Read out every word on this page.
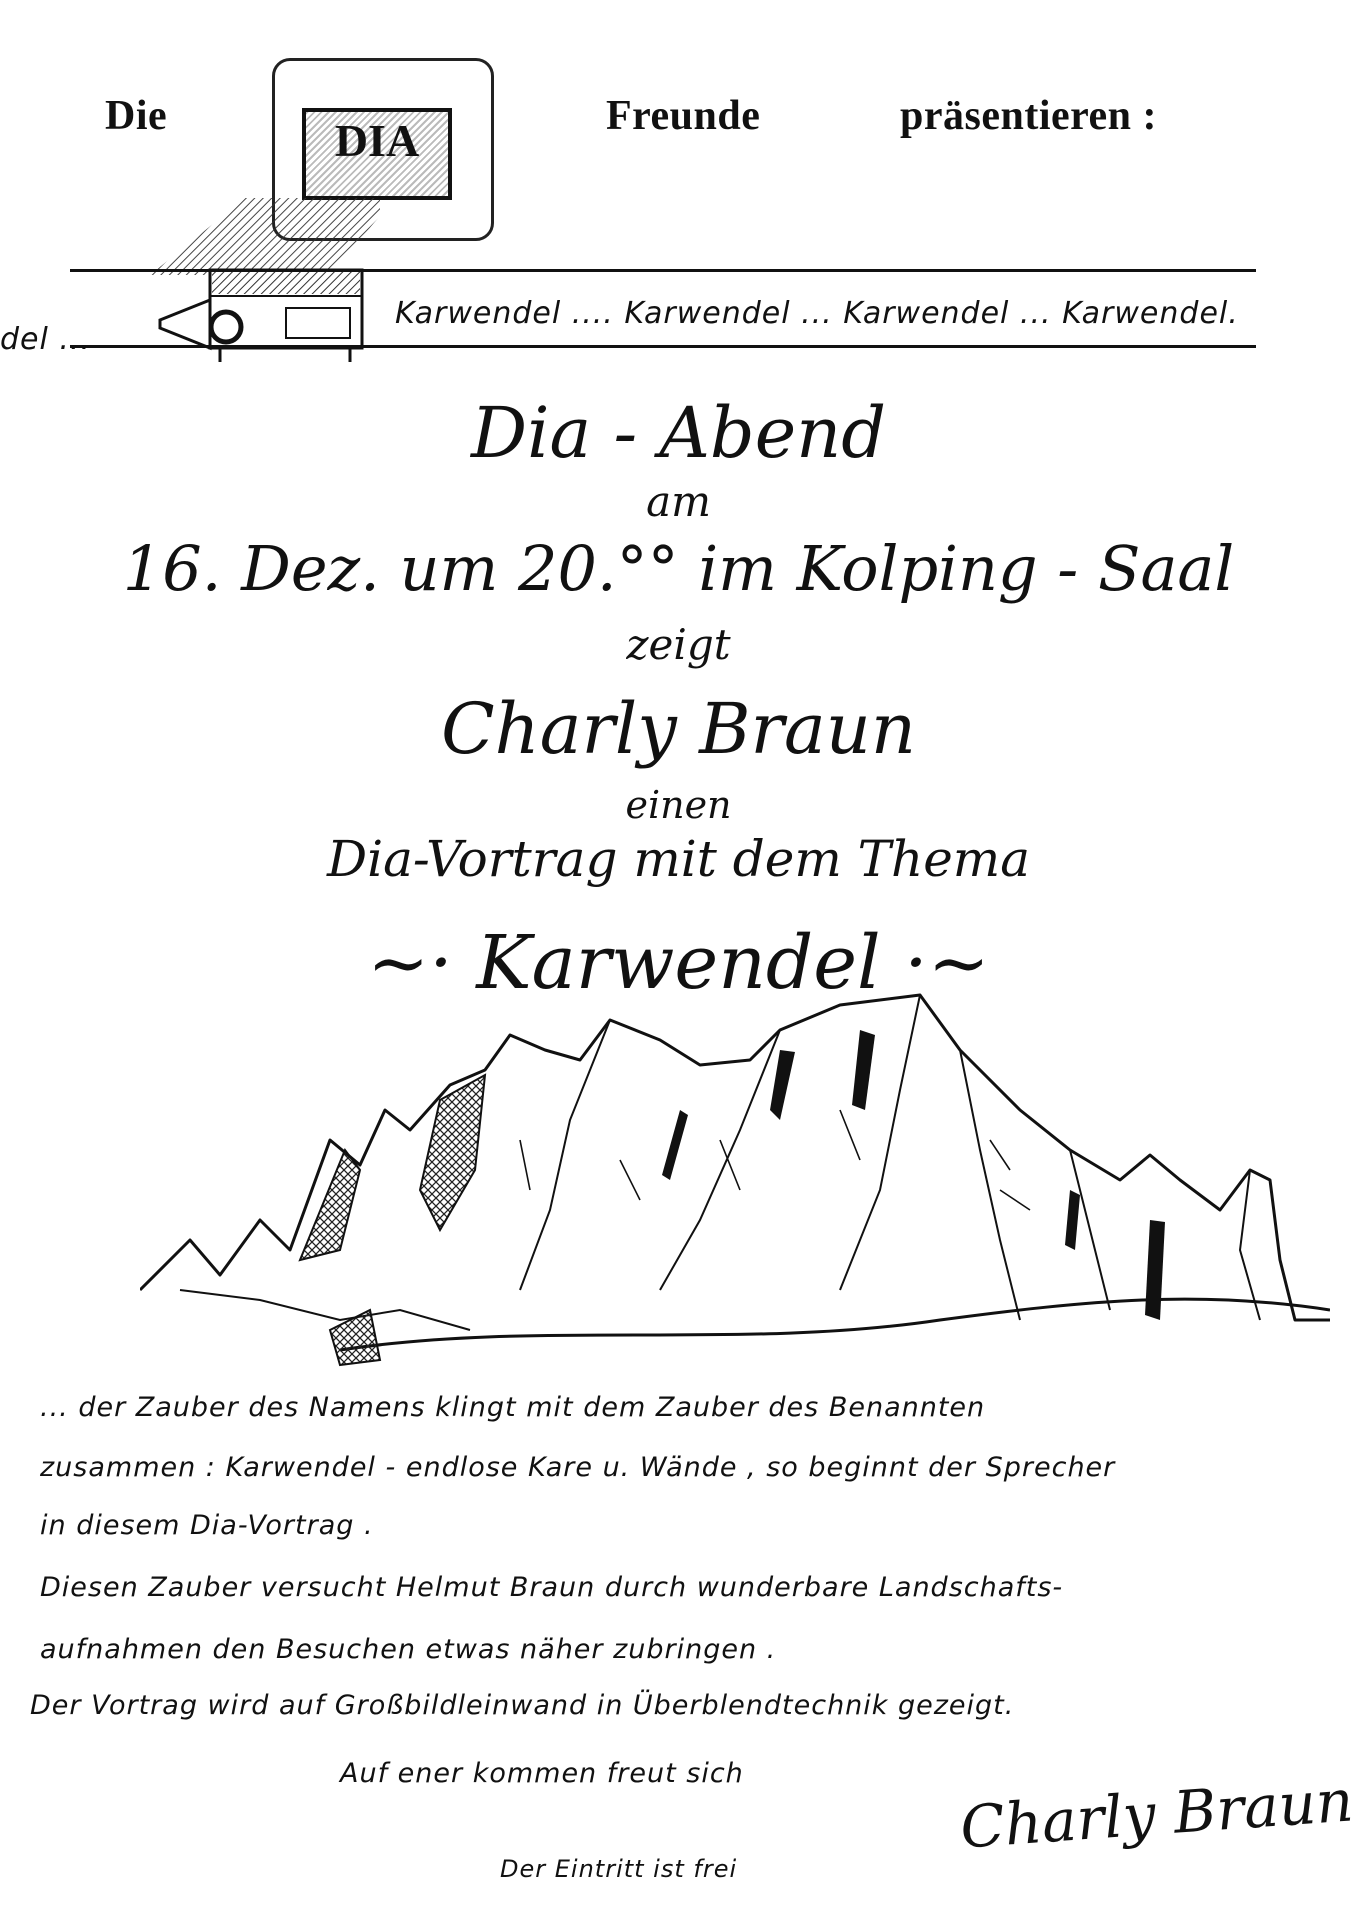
Die	Freunde	präsentieren :
DIA
del ...
Karwendel .... Karwendel ... Karwendel ... Karwendel.
Dia - Abend
am
16. Dez. um 20.°° im Kolping - Saal
zeigt
Charly Braun
einen
Dia-Vortrag mit dem Thema
~· Karwendel ·~
... der Zauber des Namens klingt mit dem Zauber des Benannten
zusammen : Karwendel - endlose Kare u. Wände , so beginnt der Sprecher
in diesem Dia-Vortrag .
Diesen Zauber versucht Helmut Braun durch wunderbare Landschafts-
aufnahmen den Besuchen etwas näher zubringen .
Der Vortrag wird auf Großbildleinwand in Überblendtechnik gezeigt.
Auf ener kommen freut sich	Charly Braun
Der Eintritt ist frei
